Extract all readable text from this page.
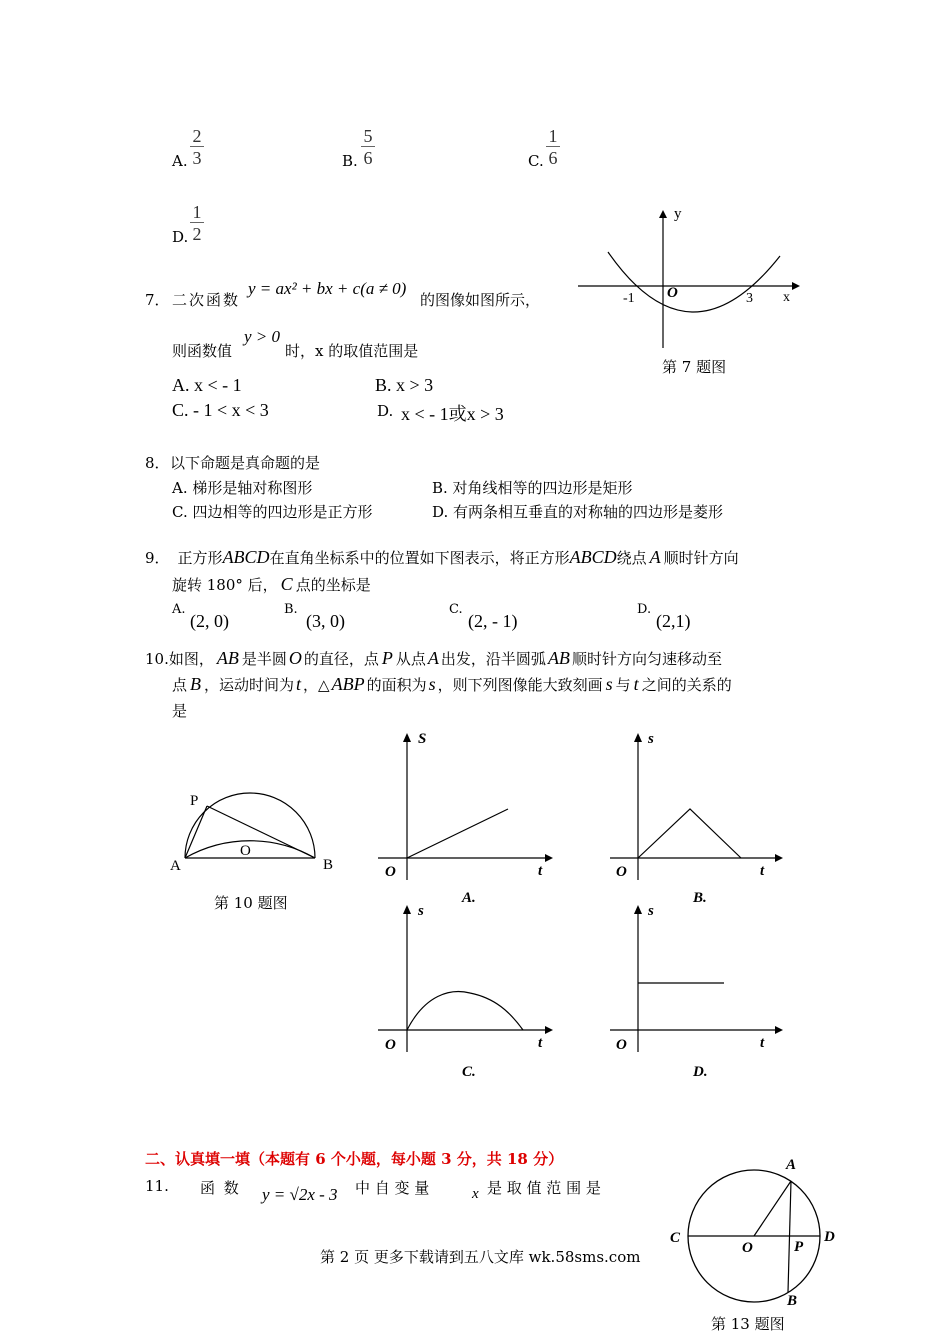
A. $\frac{2}{3}$	B. $\frac{5}{6}$	C. $\frac{1}{6}$
D. $\frac{1}{2}$
7． 二次函数
y = ax² + bx + c(a ≠ 0)
的图像如图所示，
则函数值
y > 0
时，x 的取值范围是
A. x < - 1	B. x > 3
C. - 1 < x < 3	D. x < - 1或x > 3
y
x
O
-1	3
第 7 题图
8． 以下命题是真命题的是
A. 梯形是轴对称图形	B. 对角线相等的四边形是矩形
C. 四边相等的四边形是正方形	D. 有两条相互垂直的对称轴的四边形是菱形
9． 正方形ABCD在直角坐标系中的位置如下图表示，将正方形ABCD绕点 A 顺时针方向
旋转 180° 后， C 点的坐标是
A.
(2, 0)
B.
(3, 0)
C.
(2, - 1)
D.
(2,1)
10.如图， AB 是半圆 O 的直径，点 P 从点 A 出发，沿半圆弧 AB 顺时针方向匀速移动至
点 B ，运动时间为 t ，△ ABP 的面积为 s ，则下列图像能大致刻画 s 与 t 之间的关系的
是
P
A
O
B
第 10 题图
S
O	t
A.
s
O	t
B.
s
O	t
C.
s
O	t
D.
二、认真填一填（本题有 6 个小题，每小题 3 分，共 18 分）
11. 函 数 y = √2x - 3 中 自 变 量	x 是 取 值 范 围 是
A
B
C	D
O	P
第 13 题图
第 2 页 更多下载请到五八文库 wk.58sms.com
